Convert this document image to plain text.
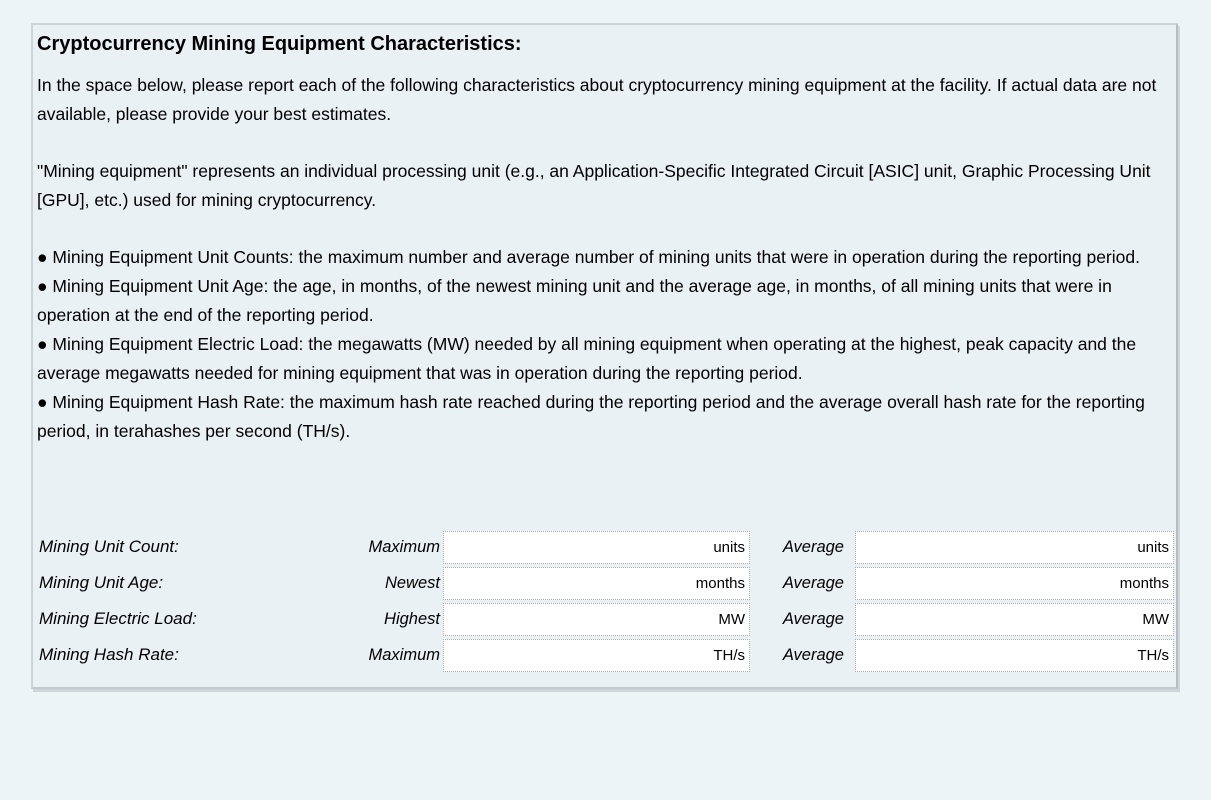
Cryptocurrency Mining Equipment Characteristics:

In the space below, please report each of the following characteristics about cryptocurrency mining equipment at the facility. If actual data are not available, please provide your best estimates.

"Mining equipment" represents an individual processing unit (e.g., an Application-Specific Integrated Circuit [ASIC] unit, Graphic Processing Unit [GPU], etc.) used for mining cryptocurrency.

● Mining Equipment Unit Counts: the maximum number and average number of mining units that were in operation during the reporting period.

● Mining Equipment Unit Age: the age, in months, of the newest mining unit and the average age, in months, of all mining units that were in operation at the end of the reporting period.

● Mining Equipment Electric Load: the megawatts (MW) needed by all mining equipment when operating at the highest, peak capacity and the average megawatts needed for mining equipment that was in operation during the reporting period.

● Mining Equipment Hash Rate: the maximum hash rate reached during the reporting period and the average overall hash rate for the reporting period, in terahashes per second (TH/s).

Mining Unit Count:	Maximum	units	Average	units
Mining Unit Age:	Newest	months	Average	months
Mining Electric Load:	Highest	MW	Average	MW
Mining Hash Rate:	Maximum	TH/s	Average	TH/s
